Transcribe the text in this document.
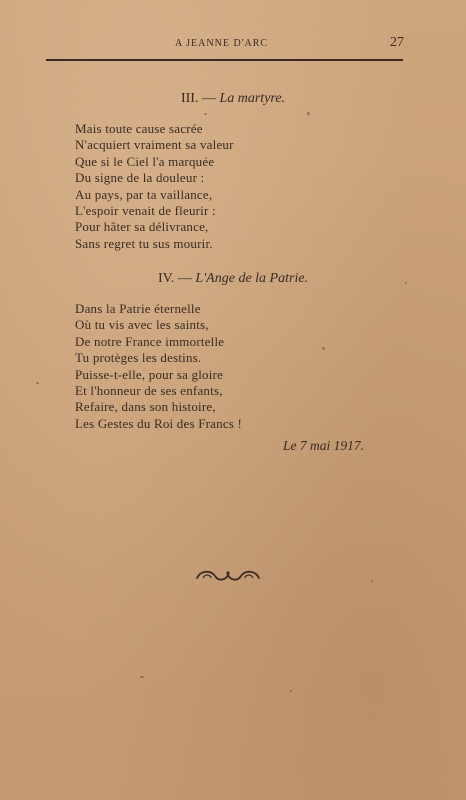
A JEANNE D'ARC	27
III. — La martyre.
Mais toute cause sacrée
N'acquiert vraiment sa valeur
Que si le Ciel l'a marquée
Du signe de la douleur :
Au pays, par ta vaillance,
L'espoir venait de fleurir :
Pour hâter sa délivrance,
Sans regret tu sus mourir.
IV. — L'Ange de la Patrie.
Dans la Patrie éternelle
Où tu vis avec les saints,
De notre France immortelle
Tu protèges les destins.
Puisse-t-elle, pour sa gloire
Et l'honneur de ses enfants,
Refaire, dans son histoire,
Les Gestes du Roi des Francs !
Le 7 mai 1917.
